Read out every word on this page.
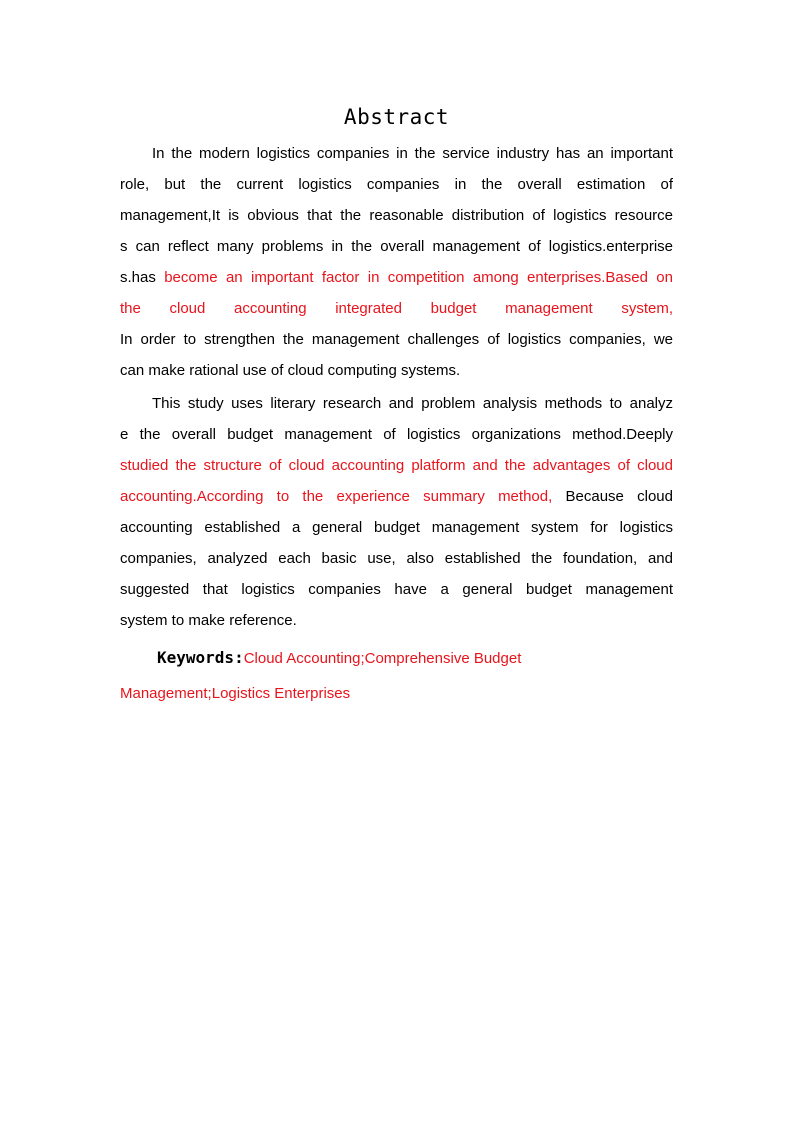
Abstract
In the modern logistics companies in the service industry has an important
role, but the current logistics companies in the overall estimation of
management,It is obvious that the reasonable distribution of logistics resource
s can reflect many problems in the overall management of logistics.enterprise
s.has become an important factor in competition among enterprises.Based on
the cloud accounting integrated budget management system,
In order to strengthen the management challenges of logistics companies, we
can make rational use of cloud computing systems.
This study uses literary research and problem analysis methods to analyz
e the overall budget management of logistics organizations method.Deeply
studied the structure of cloud accounting platform and the advantages of cloud
accounting.According to the experience summary method, Because cloud
accounting established a general budget management system for logistics
companies, analyzed each basic use, also established the foundation, and
suggested that logistics companies have a general budget management
system to make reference.
Keywords:Cloud Accounting;Comprehensive Budget
Management;Logistics Enterprises
